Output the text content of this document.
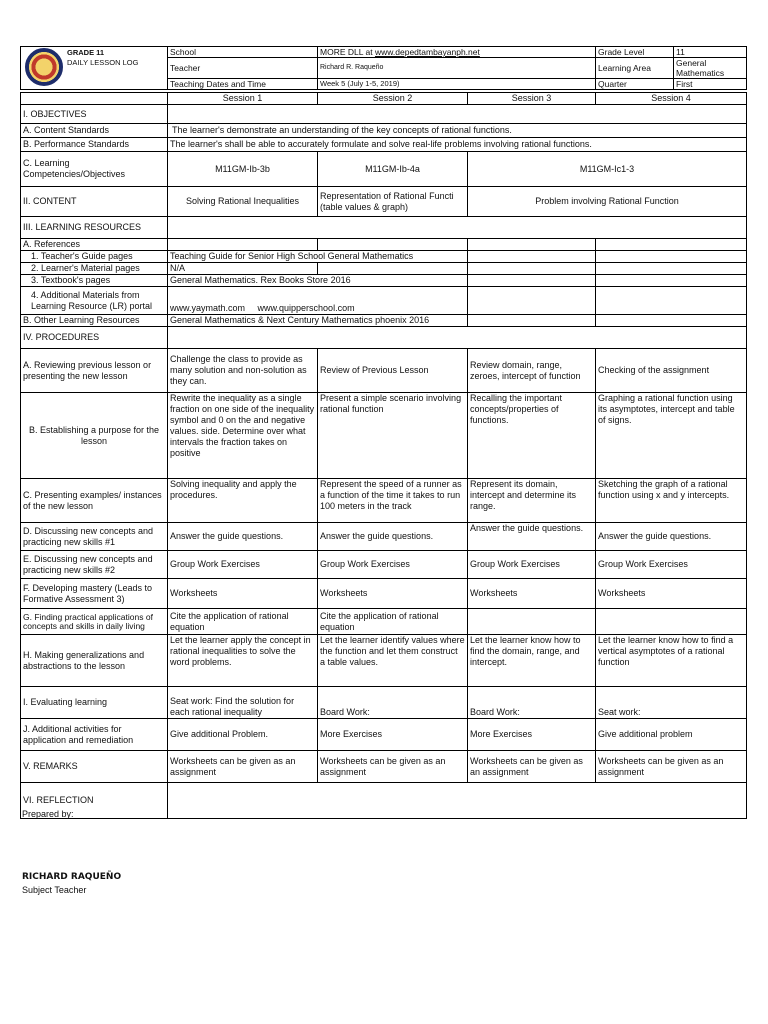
GRADE 11
DAILY LESSON LOG	School	MORE DLL at www.depedtambayanph.net	Grade Level	11
	Teacher	Richard R. Raqueño	Learning Area	General Mathematics
	Teaching Dates and Time	Week 5 (July 1-5, 2019)	Quarter	First
	Session 1	Session 2	Session 3	Session 4
I. OBJECTIVES				
A. Content Standards	The learner's demonstrate an understanding of the key concepts of rational functions.			
B. Performance Standards	The learner's shall be able to accurately formulate and solve real-life problems involving rational functions.			
C. Learning Competencies/Objectives	M11GM-Ib-3b	M11GM-Ib-4a	M11GM-Ic1-3	
II. CONTENT	Solving Rational Inequalities	Representation of Rational Functi (table values & graph)	Problem involving Rational Function	
III. LEARNING RESOURCES				
A. References				
1. Teacher's Guide pages	Teaching Guide for Senior High School General Mathematics			
2. Learner's Material pages	N/A			
3. Textbook's pages	General Mathematics. Rex Books Store 2016			
4. Additional Materials from Learning Resource (LR) portal	www.yaymath.com     www.quipperschool.com			
B. Other Learning Resources	General Mathematics & Next Century Mathematics phoenix 2016			
IV. PROCEDURES				
A. Reviewing previous lesson or presenting the new lesson	Challenge the class to provide as many solution and non-solution as they can.	Review of Previous Lesson	Review domain, range, zeroes, intercept of function	Checking of the assignment
B. Establishing a purpose for the lesson	Rewrite the inequality as a single fraction on one side of the inequality symbol and 0 on the and negative values. side. Determine over what intervals the fraction takes on positive	Present a simple scenario involving rational function	Recalling the important concepts/properties of functions.	Graphing a rational function using its asymptotes, intercept and table of signs.
C. Presenting examples/ instances of the new lesson	Solving inequality and apply the procedures.	Represent the speed of a runner as a function of the time it takes to run 100 meters in the track	Represent its domain, intercept and determine its range.	Sketching the graph of a rational function using x and y intercepts.
D. Discussing new concepts and practicing new skills #1	Answer the guide questions.	Answer the guide questions.	Answer the guide questions.	Answer the guide questions.
E. Discussing new concepts and practicing new skills #2	Group Work Exercises	Group Work Exercises	Group Work Exercises	Group Work Exercises
F. Developing mastery (Leads to Formative Assessment 3)	Worksheets	Worksheets	Worksheets	Worksheets
G. Finding practical applications of concepts and skills in daily living	Cite the application of rational equation	Cite the application of rational equation		
H. Making generalizations and abstractions to the lesson	Let the learner apply the concept in rational inequalities to solve the word problems.	Let the learner identify values where the function and let them construct a table values.	Let the learner know how to find the domain, range, and intercept.	Let the learner know how to find a vertical asymptotes of a rational function
I. Evaluating learning	Seat work: Find the solution for each rational inequality	Board Work:	Board Work:	Seat work:
J. Additional activities for application and remediation	Give additional Problem.	More Exercises	More Exercises	Give additional problem
V. REMARKS	Worksheets can be given as an assignment	Worksheets can be given as an assignment	Worksheets can be given as an assignment	Worksheets can be given as an assignment
VI. REFLECTION				
Prepared by:
RICHARD RAQUEÑO
Subject Teacher
